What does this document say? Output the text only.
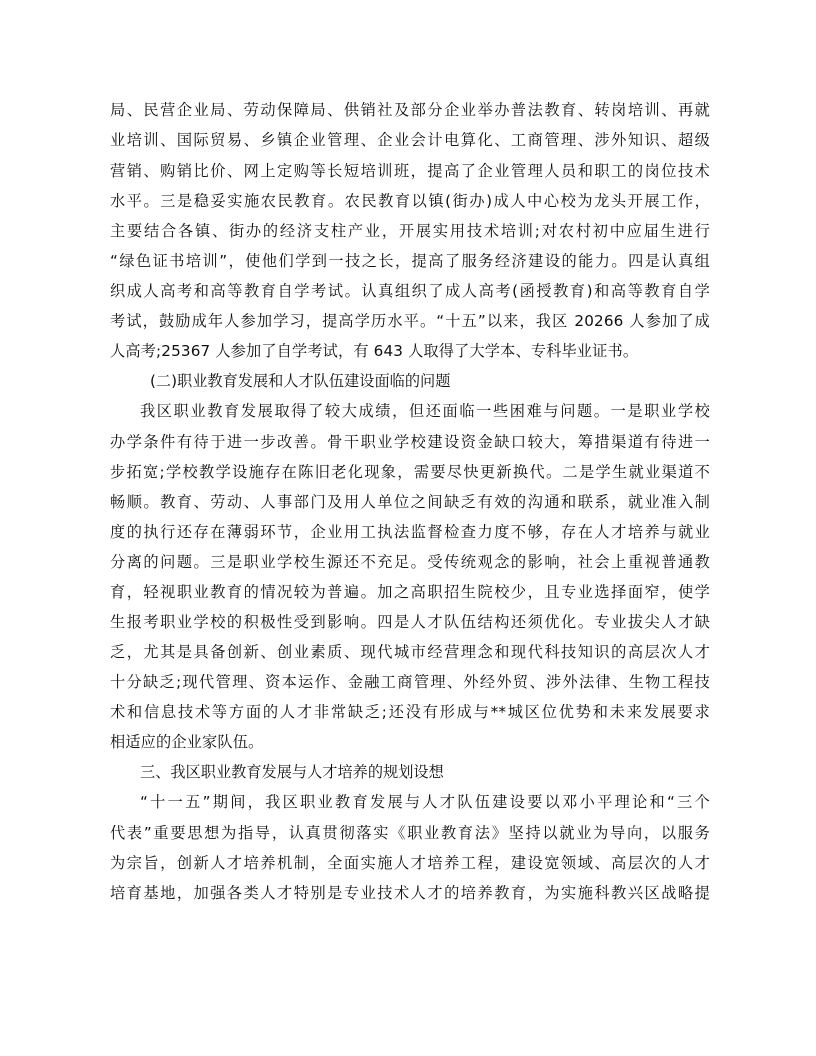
局、民营企业局、劳动保障局、供销社及部分企业举办普法教育、转岗培训、再就
业培训、国际贸易、乡镇企业管理、企业会计电算化、工商管理、涉外知识、超级
营销、购销比价、网上定购等长短培训班，提高了企业管理人员和职工的岗位技术
水平。三是稳妥实施农民教育。农民教育以镇(街办)成人中心校为龙头开展工作，
主要结合各镇、街办的经济支柱产业，开展实用技术培训;对农村初中应届生进行
“绿色证书培训”，使他们学到一技之长，提高了服务经济建设的能力。四是认真组
织成人高考和高等教育自学考试。认真组织了成人高考(函授教育)和高等教育自学
考试，鼓励成年人参加学习，提高学历水平。“十五”以来，我区 20266 人参加了成
人高考;25367 人参加了自学考试，有 643 人取得了大学本、专科毕业证书。
(二)职业教育发展和人才队伍建设面临的问题
我区职业教育发展取得了较大成绩，但还面临一些困难与问题。一是职业学校
办学条件有待于进一步改善。骨干职业学校建设资金缺口较大，筹措渠道有待进一
步拓宽;学校教学设施存在陈旧老化现象，需要尽快更新换代。二是学生就业渠道不
畅顺。教育、劳动、人事部门及用人单位之间缺乏有效的沟通和联系，就业准入制
度的执行还存在薄弱环节，企业用工执法监督检查力度不够，存在人才培养与就业
分离的问题。三是职业学校生源还不充足。受传统观念的影响，社会上重视普通教
育，轻视职业教育的情况较为普遍。加之高职招生院校少，且专业选择面窄，使学
生报考职业学校的积极性受到影响。四是人才队伍结构还须优化。专业拔尖人才缺
乏，尤其是具备创新、创业素质、现代城市经营理念和现代科技知识的高层次人才
十分缺乏;现代管理、资本运作、金融工商管理、外经外贸、涉外法律、生物工程技
术和信息技术等方面的人才非常缺乏;还没有形成与**城区位优势和未来发展要求
相适应的企业家队伍。
三、我区职业教育发展与人才培养的规划设想
“十一五”期间，我区职业教育发展与人才队伍建设要以邓小平理论和“三个
代表”重要思想为指导，认真贯彻落实《职业教育法》坚持以就业为导向，以服务
为宗旨，创新人才培养机制，全面实施人才培养工程，建设宽领域、高层次的人才
培育基地，加强各类人才特别是专业技术人才的培养教育，为实施科教兴区战略提
